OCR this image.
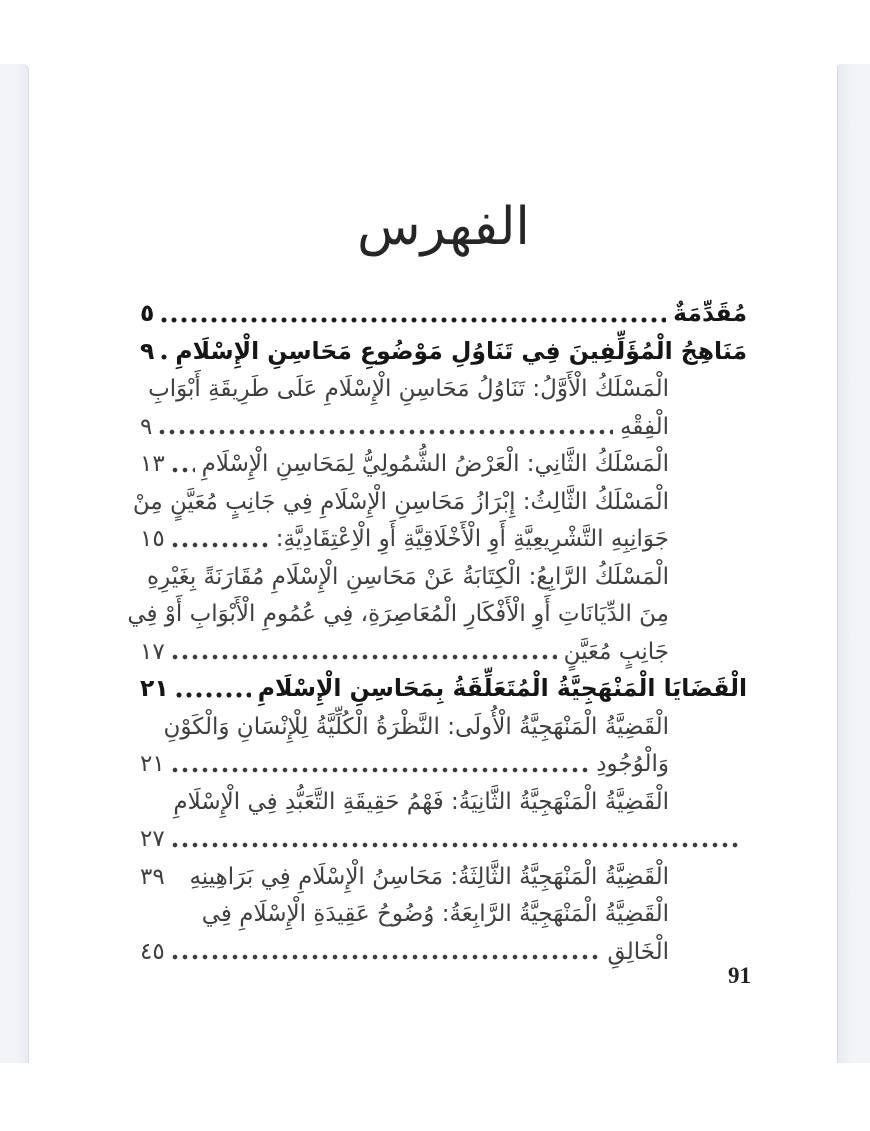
الفهرس
مُقَدِّمَةٌ
٥
مَنَاهِجُ الْمُؤَلِّفِينَ فِي تَنَاوُلِ مَوْضُوعِ مَحَاسِنِ الْإِسْلَامِ
٩
الْمَسْلَكُ الْأَوَّلُ: تَنَاوُلُ مَحَاسِنِ الْإِسْلَامِ عَلَى طَرِيقَةِ أَبْوَابِ
الْفِقْهِ
٩
الْمَسْلَكُ الثَّانِي: الْعَرْضُ الشُّمُولِيُّ لِمَحَاسِنِ الْإِسْلَامِ
١٣
الْمَسْلَكُ الثَّالِثُ: إِبْرَازُ مَحَاسِنِ الْإِسْلَامِ فِي جَانِبٍ مُعَيَّنٍ مِنْ
جَوَانِبِهِ التَّشْرِيعِيَّةِ أَوِ الْأَخْلَاقِيَّةِ أَوِ الْاِعْتِقَادِيَّةِ:
١٥
الْمَسْلَكُ الرَّابِعُ: الْكِتَابَةُ عَنْ مَحَاسِنِ الْإِسْلَامِ مُقَارَنَةً بِغَيْرِهِ
مِنَ الدِّيَانَاتِ أَوِ الْأَفْكَارِ الْمُعَاصِرَةِ، فِي عُمُومِ الْأَبْوَابِ أَوْ فِي
جَانِبٍ مُعَيَّنٍ
١٧
الْقَضَايَا الْمَنْهَجِيَّةُ الْمُتَعَلِّقَةُ بِمَحَاسِنِ الْإِسْلَامِ
٢١
الْقَضِيَّةُ الْمَنْهَجِيَّةُ الْأُولَى: النَّظْرَةُ الْكُلِّيَّةُ لِلْإِنْسَانِ وَالْكَوْنِ
وَالْوُجُودِ
٢١
الْقَضِيَّةُ الْمَنْهَجِيَّةُ الثَّانِيَةُ: فَهْمُ حَقِيقَةِ التَّعَبُّدِ فِي الْإِسْلَامِ
٢٧
الْقَضِيَّةُ الْمَنْهَجِيَّةُ الثَّالِثَةُ: مَحَاسِنُ الْإِسْلَامِ فِي بَرَاهِينِهِ
٣٩
الْقَضِيَّةُ الْمَنْهَجِيَّةُ الرَّابِعَةُ: وُضُوحُ عَقِيدَةِ الْإِسْلَامِ فِي
الْخَالِقِ
٤٥
91
